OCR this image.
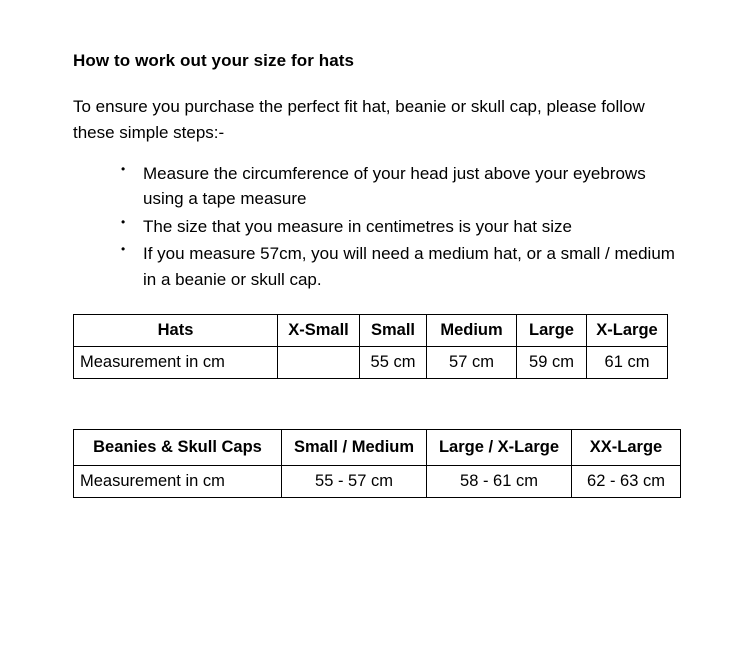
How to work out your size for hats

To ensure you purchase the perfect fit hat, beanie or skull cap, please follow these simple steps:-

• Measure the circumference of your head just above your eyebrows using a tape measure
• The size that you measure in centimetres is your hat size
• If you measure 57cm, you will need a medium hat, or a small / medium in a beanie or skull cap.
Hats	X-Small	Small	Medium	Large	X-Large
Measurement in cm		55 cm	57 cm	59 cm	61 cm
Beanies & Skull Caps	Small / Medium	Large / X-Large	XX-Large
Measurement in cm	55 - 57 cm	58 - 61 cm	62 - 63 cm
